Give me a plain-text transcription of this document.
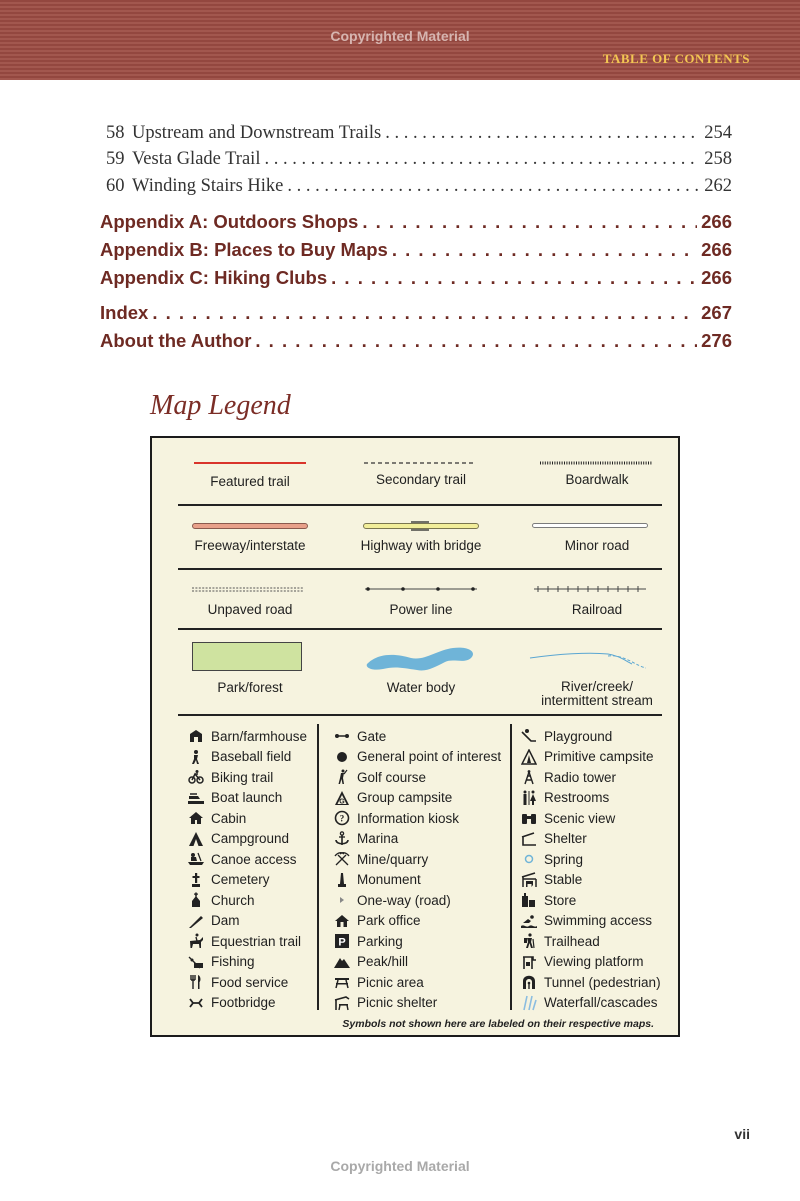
Copyrighted Material
TABLE OF CONTENTS
58 Upstream and Downstream Trails . . .	254
59 Vesta Glade Trail . . .	258
60 Winding Stairs Hike . . .	262
Appendix A: Outdoors Shops . . .	266
Appendix B: Places to Buy Maps . . .	266
Appendix C: Hiking Clubs . . .	266
Index . . .	267
About the Author . . .	276
Map Legend
Featured trail	Secondary trail	Boardwalk
Freeway/interstate	Highway with bridge	Minor road
Unpaved road	Power line	Railroad
Park/forest	Water body	River/creek/
intermittent stream
Barn/farmhouse
Baseball field
Biking trail
Boat launch
Cabin
Campground
Canoe access
Cemetery
Church
Dam
Equestrian trail
Fishing
Food service
Footbridge
Gate
General point of interest
Golf course
G Group campsite
? Information kiosk
Marina
Mine/quarry
Monument
One-way (road)
Park office
P Parking
Peak/hill
Picnic area
Picnic shelter
Playground
Primitive campsite
Radio tower
Restrooms
Scenic view
Shelter
Spring
Stable
Store
Swimming access
Trailhead
Viewing platform
Tunnel (pedestrian)
Waterfall/cascades
Symbols not shown here are labeled on their respective maps.
vii
Copyrighted Material
